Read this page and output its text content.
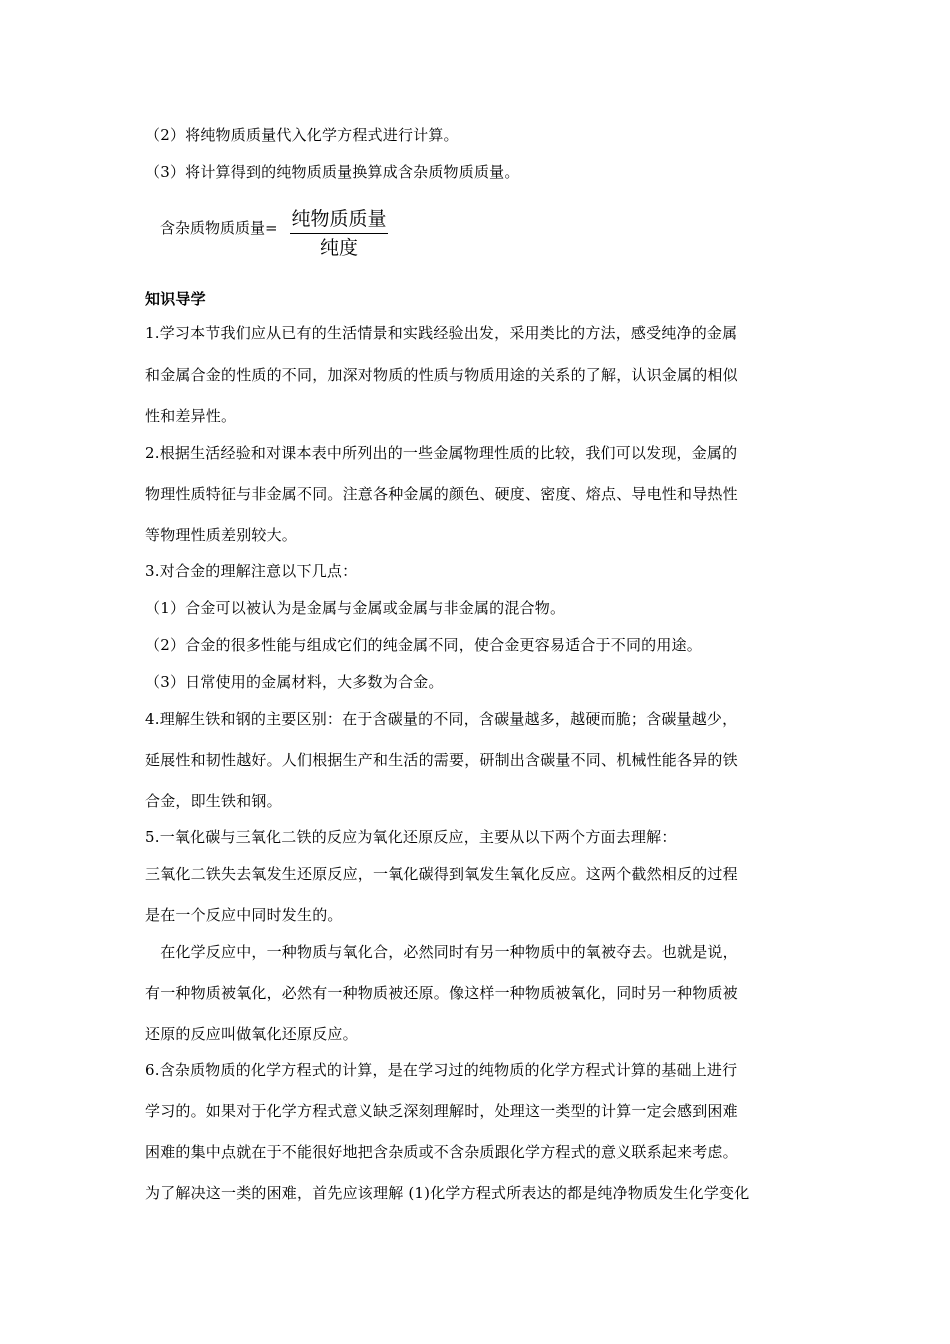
（2）将纯物质质量代入化学方程式进行计算。
（3）将计算得到的纯物质质量换算成含杂质物质质量。
含杂质物质质量= 纯物质质量
纯度
知识导学
1.学习本节我们应从已有的生活情景和实践经验出发，采用类比的方法，感受纯净的金属
和金属合金的性质的不同，加深对物质的性质与物质用途的关系的了解，认识金属的相似
性和差异性。
2.根据生活经验和对课本表中所列出的一些金属物理性质的比较，我们可以发现，金属的
物理性质特征与非金属不同。注意各种金属的颜色、硬度、密度、熔点、导电性和导热性
等物理性质差别较大。
3.对合金的理解注意以下几点：
（1）合金可以被认为是金属与金属或金属与非金属的混合物。
（2）合金的很多性能与组成它们的纯金属不同，使合金更容易适合于不同的用途。
（3）日常使用的金属材料，大多数为合金。
4.理解生铁和钢的主要区别：在于含碳量的不同，含碳量越多，越硬而脆；含碳量越少，
延展性和韧性越好。人们根据生产和生活的需要，研制出含碳量不同、机械性能各异的铁
合金，即生铁和钢。
5.一氧化碳与三氧化二铁的反应为氧化还原反应，主要从以下两个方面去理解：
三氧化二铁失去氧发生还原反应，一氧化碳得到氧发生氧化反应。这两个截然相反的过程
是在一个反应中同时发生的。
　在化学反应中，一种物质与氧化合，必然同时有另一种物质中的氧被夺去。也就是说，
有一种物质被氧化，必然有一种物质被还原。像这样一种物质被氧化，同时另一种物质被
还原的反应叫做氧化还原反应。
6.含杂质物质的化学方程式的计算，是在学习过的纯物质的化学方程式计算的基础上进行
学习的。如果对于化学方程式意义缺乏深刻理解时，处理这一类型的计算一定会感到困难
困难的集中点就在于不能很好地把含杂质或不含杂质跟化学方程式的意义联系起来考虑。
为了解决这一类的困难，首先应该理解 (1)化学方程式所表达的都是纯净物质发生化学变化
